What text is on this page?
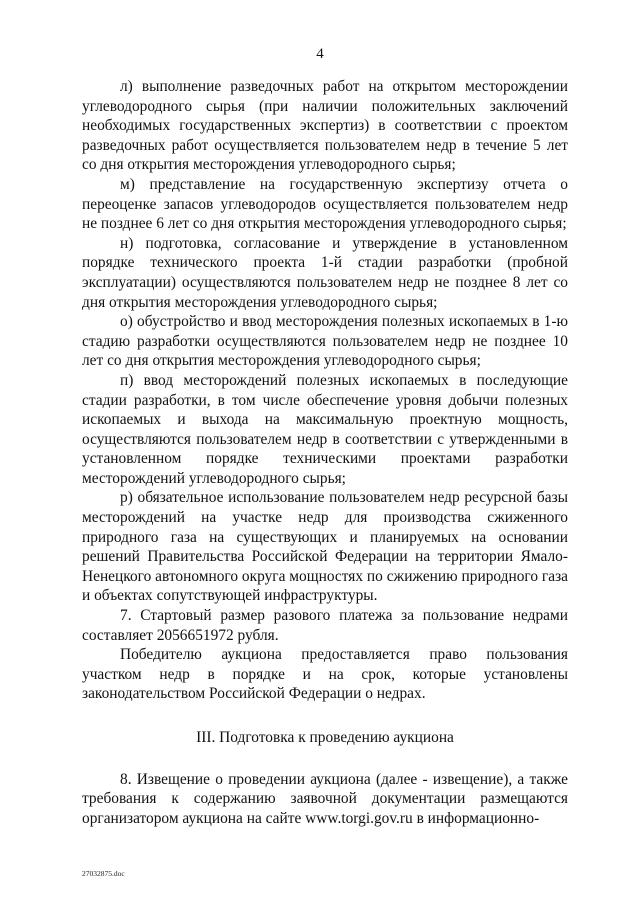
4

л) выполнение разведочных работ на открытом месторождении углеводородного сырья (при наличии положительных заключений необходимых государственных экспертиз) в соответствии с проектом разведочных работ осуществляется пользователем недр в течение 5 лет со дня открытия месторождения углеводородного сырья;

м) представление на государственную экспертизу отчета о переоценке запасов углеводородов осуществляется пользователем недр не позднее 6 лет со дня открытия месторождения углеводородного сырья;

н) подготовка, согласование и утверждение в установленном порядке технического проекта 1-й стадии разработки (пробной эксплуатации) осуществляются пользователем недр не позднее 8 лет со дня открытия месторождения углеводородного сырья;

о) обустройство и ввод месторождения полезных ископаемых в 1-ю стадию разработки осуществляются пользователем недр не позднее 10 лет со дня открытия месторождения углеводородного сырья;

п) ввод месторождений полезных ископаемых в последующие стадии разработки, в том числе обеспечение уровня добычи полезных ископаемых и выхода на максимальную проектную мощность, осуществляются пользователем недр в соответствии с утвержденными в установленном порядке техническими проектами разработки месторождений углеводородного сырья;

р) обязательное использование пользователем недр ресурсной базы месторождений на участке недр для производства сжиженного природного газа на существующих и планируемых на основании решений Правительства Российской Федерации на территории Ямало-Ненецкого автономного округа мощностях по сжижению природного газа и объектах сопутствующей инфраструктуры.

7. Стартовый размер разового платежа за пользование недрами составляет 2056651972 рубля.

Победителю аукциона предоставляется право пользования участком недр в порядке и на срок, которые установлены законодательством Российской Федерации о недрах.

III. Подготовка к проведению аукциона

8. Извещение о проведении аукциона (далее - извещение), а также требования к содержанию заявочной документации размещаются организатором аукциона на сайте www.torgi.gov.ru в информационно-

27032875.doc
